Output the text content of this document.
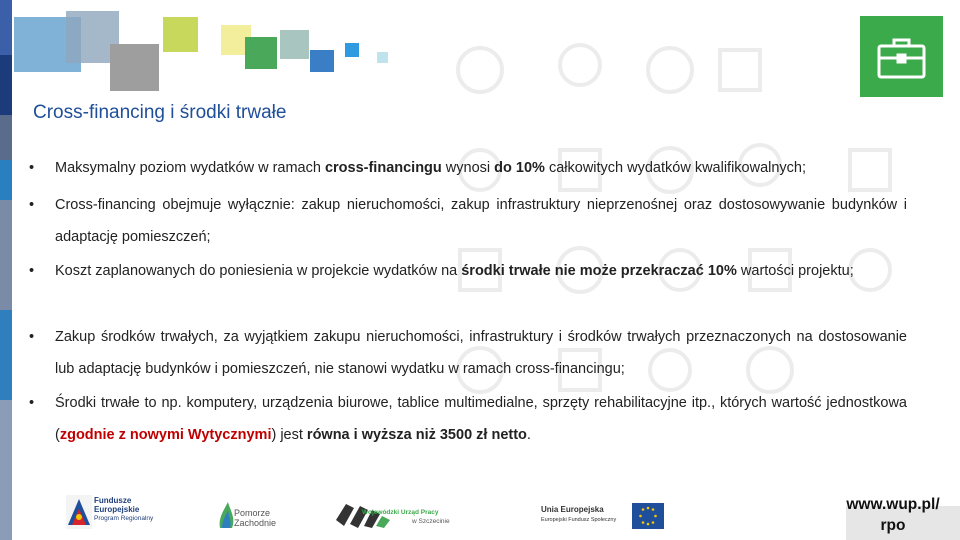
Cross-financing i środki trwałe
•	Maksymalny poziom wydatków w ramach cross-financingu wynosi do 10% całkowitych wydatków kwalifikowalnych;
•	Cross-financing obejmuje wyłącznie: zakup nieruchomości, zakup infrastruktury nieprzenośnej oraz dostosowywanie budynków i adaptację pomieszczeń;
•	Koszt zaplanowanych do poniesienia w projekcie wydatków na środki trwałe nie może przekraczać 10% wartości projektu;
•	Zakup środków trwałych, za wyjątkiem zakupu nieruchomości, infrastruktury i środków trwałych przeznaczonych na dostosowanie lub adaptację budynków i pomieszczeń, nie stanowi wydatku w ramach cross-financingu;
•	Środki trwałe to np. komputery, urządzenia biurowe, tablice multimedialne, sprzęty rehabilitacyjne itp., których wartość jednostkowa (zgodnie z nowymi Wytycznymi) jest równa i wyższa niż 3500 zł netto.
Fundusze
Europejskie
Program Regionalny
Pomorze
Zachodnie
Wojewódzki Urząd Pracy
w Szczecinie
Unia Europejska
Europejski Fundusz Społeczny
www.wup.pl/ rpo
